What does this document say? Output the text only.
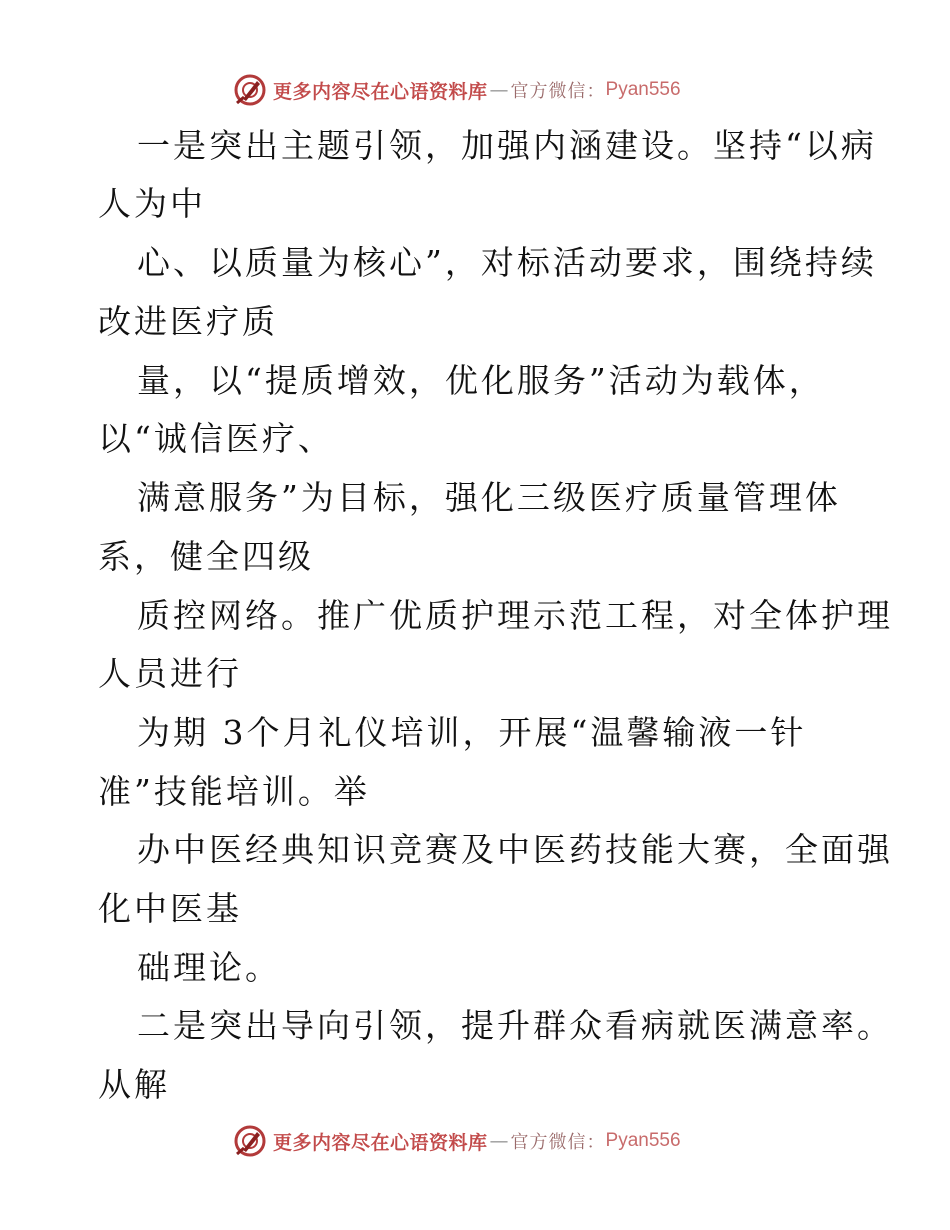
更多内容尽在心语资料库 — 官方微信： Pyan556
一是突出主题引领，加强内涵建设。坚持“以病
人为中
心、以质量为核心”，对标活动要求，围绕持续
改进医疗质
量，以“提质增效，优化服务”活动为载体，
以“诚信医疗、
满意服务”为目标，强化三级医疗质量管理体
系，健全四级
质控网络。推广优质护理示范工程，对全体护理
人员进行
为期 3个月礼仪培训，开展“温馨输液一针
准”技能培训。举
办中医经典知识竞赛及中医药技能大赛，全面强
化中医基
础理论。
二是突出导向引领，提升群众看病就医满意率。
从解
更多内容尽在心语资料库 — 官方微信： Pyan556
